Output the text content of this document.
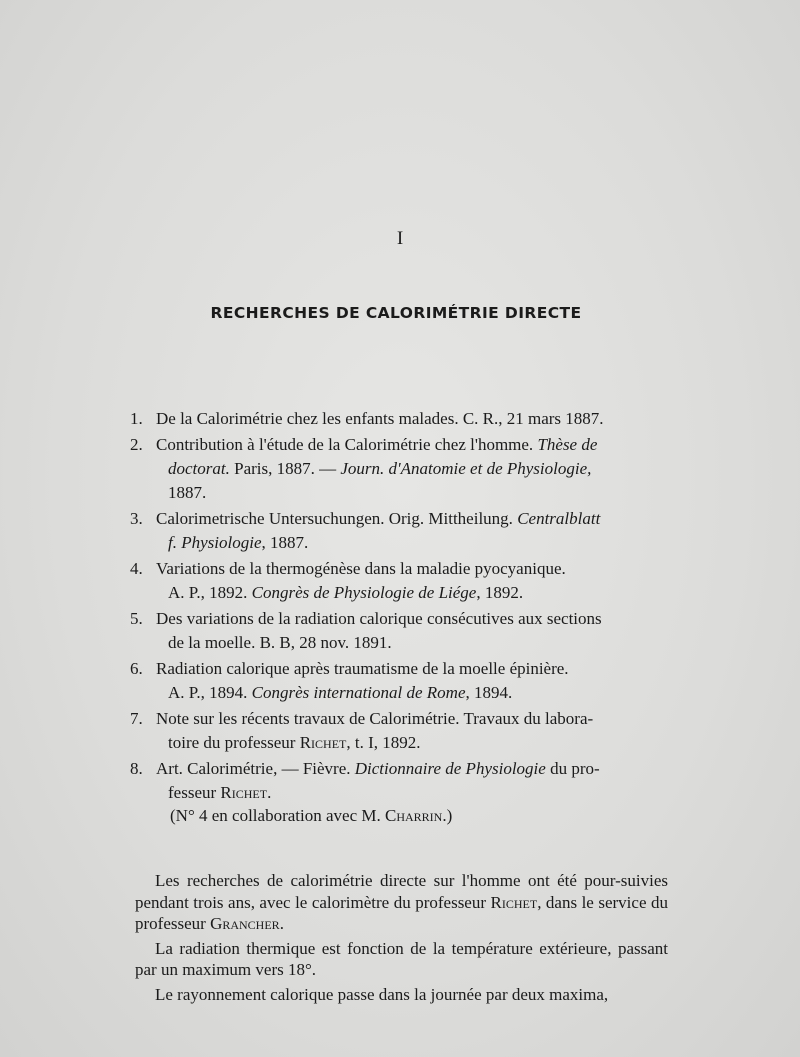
I
RECHERCHES DE CALORIMÉTRIE DIRECTE
1. De la Calorimétrie chez les enfants malades. C. R., 21 mars 1887.
2. Contribution à l'étude de la Calorimétrie chez l'homme. Thèse de

doctorat. Paris, 1887. — Journ. d'Anatomie et de Physiologie,
1887.
3. Calorimetrische Untersuchungen. Orig. Mittheilung. Centralblatt

f. Physiologie, 1887.
4. Variations de la thermogénèse dans la maladie pyocyanique.

A. P., 1892. Congrès de Physiologie de Liége, 1892.
5. Des variations de la radiation calorique consécutives aux sections

de la moelle. B. B, 28 nov. 1891.
6. Radiation calorique après traumatisme de la moelle épinière.

A. P., 1894. Congrès international de Rome, 1894.
7. Note sur les récents travaux de Calorimétrie. Travaux du labora-

toire du professeur Richet, t. I, 1892.
8. Art. Calorimétrie, — Fièvre. Dictionnaire de Physiologie du pro-

fesseur Richet.
(N° 4 en collaboration avec M. Charrin.)

Les recherches de calorimétrie directe sur l'homme ont été pour-suivies pendant trois ans, avec le calorimètre du professeur Richet, dans le service du professeur Grancher.

La radiation thermique est fonction de la température extérieure, passant par un maximum vers 18°.

Le rayonnement calorique passe dans la journée par deux maxima,
